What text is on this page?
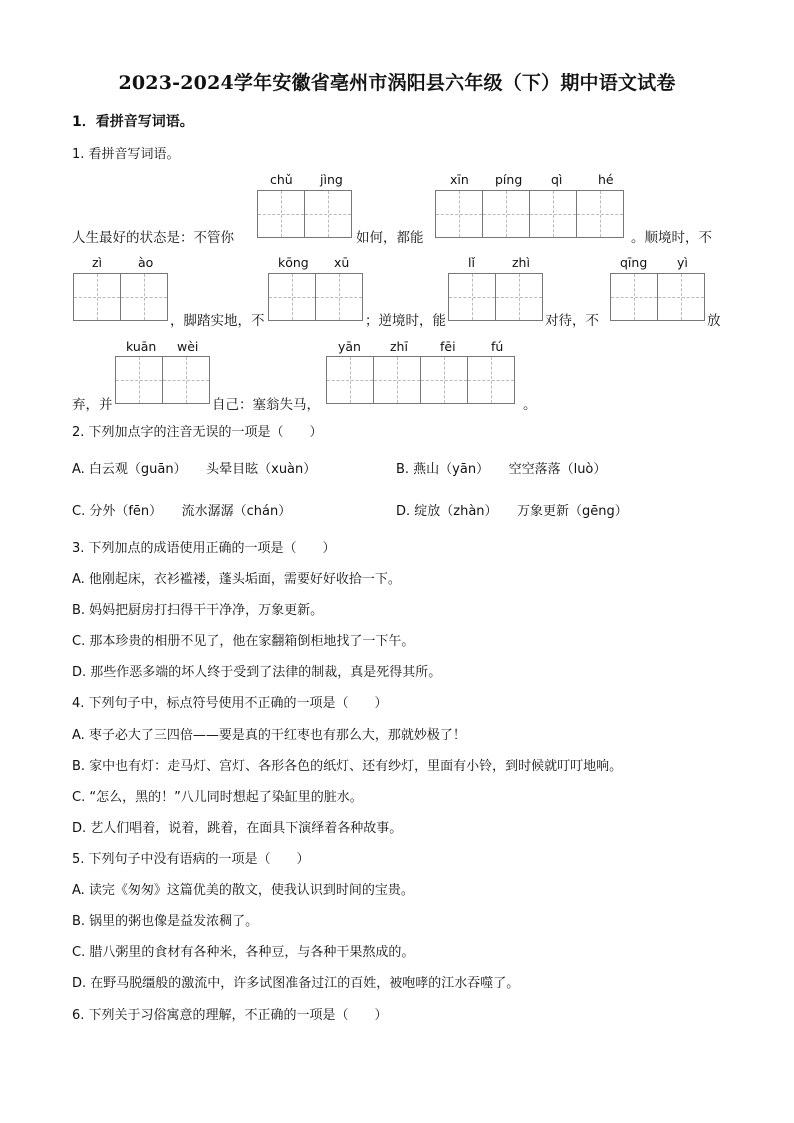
2023-2024学年安徽省亳州市涡阳县六年级（下）期中语文试卷
1．看拼音写词语。
1. 看拼音写词语。
chǔ jìng	xīn píng qì	hé
人生最好的状态是：不管你	如何，都能	。顺境时，不
zì	ào	kōng xū	lǐ	zhì	qīng yì
，脚踏实地，不	；逆境时，能	对待，不	放
kuān wèi	yān zhī	fēi	fú
弃，并	自己：塞翁失马，	。
2. 下列加点字的注音无误的一项是（　　）
A. 白云观（guān）　　头晕目眩（xuàn）	B. 燕山（yān）　　空空落落（luò）
C. 分外（fēn）　　流水潺潺（chán）	D. 绽放（zhàn）　　万象更新（gēng）
3. 下列加点的成语使用正确的一项是（　　）
A. 他刚起床，衣衫褴褛，蓬头垢面，需要好好收拾一下。
B. 妈妈把厨房打扫得干干净净，万象更新。
C. 那本珍贵的相册不见了，他在家翻箱倒柜地找了一下午。
D. 那些作恶多端的坏人终于受到了法律的制裁，真是死得其所。
4. 下列句子中，标点符号使用不正确的一项是（　　）
A. 枣子必大了三四倍——要是真的干红枣也有那么大，那就妙极了！
B. 家中也有灯：走马灯、宫灯、各形各色的纸灯、还有纱灯，里面有小铃，到时候就叮叮地响。
C. “怎么，黑的！”八儿同时想起了染缸里的脏水。
D. 艺人们唱着，说着，跳着，在面具下演绎着各种故事。
5. 下列句子中没有语病的一项是（　　）
A. 读完《匆匆》这篇优美的散文，使我认识到时间的宝贵。
B. 锅里的粥也像是益发浓稠了。
C. 腊八粥里的食材有各种米，各种豆，与各种干果熬成的。
D. 在野马脱缰般的激流中，许多试图准备过江的百姓，被咆哮的江水吞噬了。
6. 下列关于习俗寓意的理解，不正确的一项是（　　）
